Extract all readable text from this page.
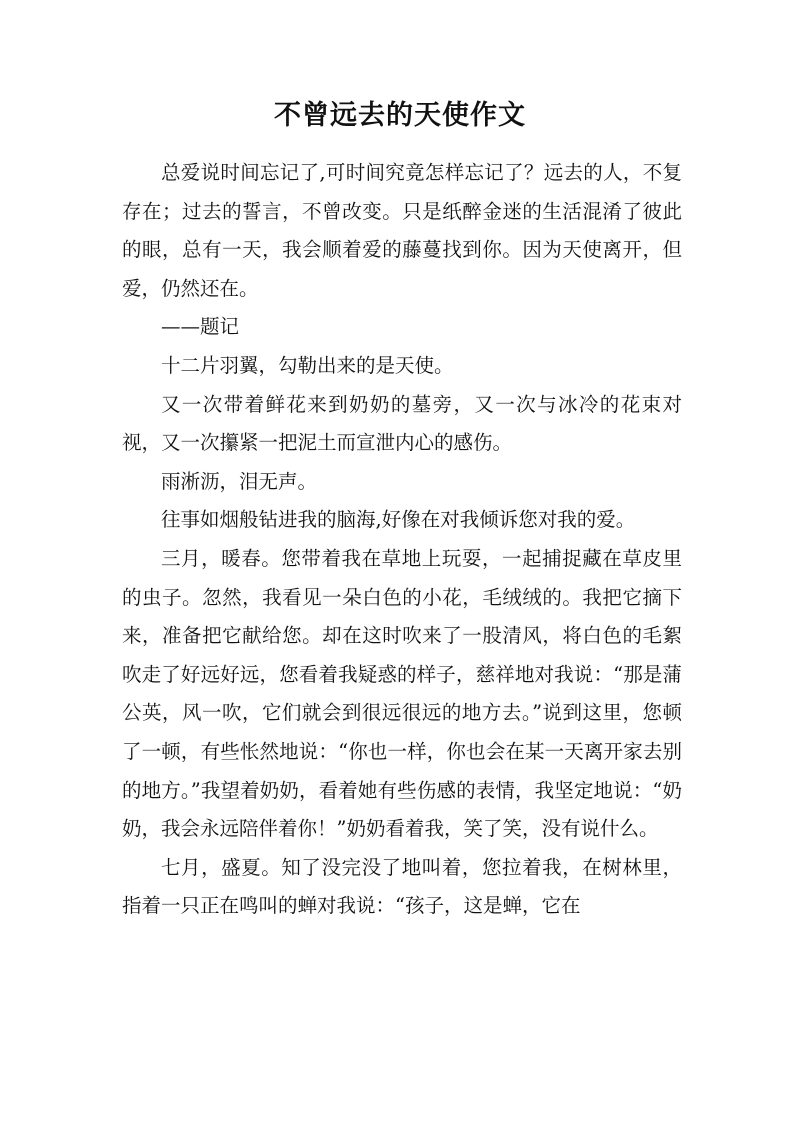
不曾远去的天使作文

总爱说时间忘记了,可时间究竟怎样忘记了？远去的人，不复存在；过去的誓言，不曾改变。只是纸醉金迷的生活混淆了彼此的眼，总有一天，我会顺着爱的藤蔓找到你。因为天使离开，但爱，仍然还在。

——题记

十二片羽翼，勾勒出来的是天使。

又一次带着鲜花来到奶奶的墓旁，又一次与冰冷的花束对视，又一次攥紧一把泥土而宣泄内心的感伤。

雨淅沥，泪无声。

往事如烟般钻进我的脑海,好像在对我倾诉您对我的爱。

三月，暖春。您带着我在草地上玩耍，一起捕捉藏在草皮里的虫子。忽然，我看见一朵白色的小花，毛绒绒的。我把它摘下来，准备把它献给您。却在这时吹来了一股清风，将白色的毛絮吹走了好远好远，您看着我疑惑的样子，慈祥地对我说：“那是蒲公英，风一吹，它们就会到很远很远的地方去。”说到这里，您顿了一顿，有些怅然地说：“你也一样，你也会在某一天离开家去别的地方。”我望着奶奶，看着她有些伤感的表情，我坚定地说：“奶奶，我会永远陪伴着你！”奶奶看着我，笑了笑，没有说什么。

七月，盛夏。知了没完没了地叫着，您拉着我，在树林里，指着一只正在鸣叫的蝉对我说：“孩子，这是蝉，它在
